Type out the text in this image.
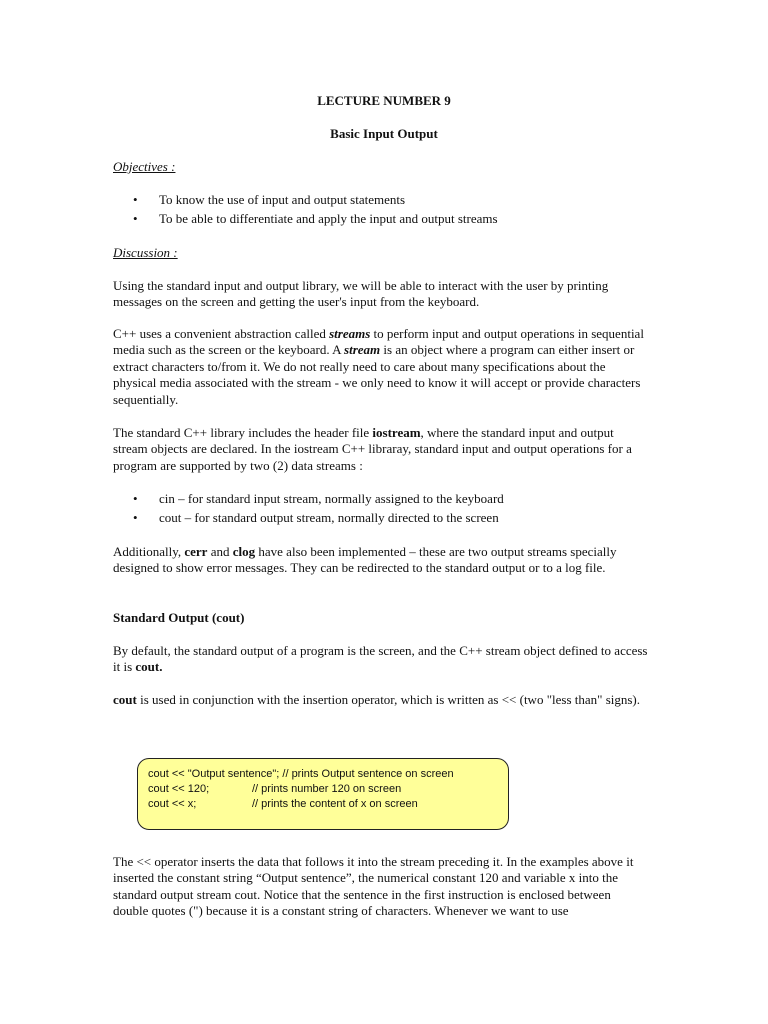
LECTURE NUMBER 9
Basic Input Output
Objectives :
• To know the use of input and output statements
• To be able to differentiate and apply the input and output streams
Discussion :

Using the standard input and output library, we will be able to interact with the user by printing messages on the screen and getting the user's input from the keyboard.

C++ uses a convenient abstraction called streams to perform input and output operations in sequential media such as the screen or the keyboard. A stream is an object where a program can either insert or extract characters to/from it. We do not really need to care about many specifications about the physical media associated with the stream - we only need to know it will accept or provide characters sequentially.

The standard C++ library includes the header file iostream, where the standard input and output stream objects are declared. In the iostream C++ libraray, standard input and output operations for a program are supported by two (2) data streams :

• cin – for standard input stream, normally assigned to the keyboard
• cout – for standard output stream, normally directed to the screen

Additionally, cerr and clog have also been implemented – these are two output streams specially designed to show error messages. They can be redirected to the standard output or to a log file.

Standard Output (cout)

By default, the standard output of a program is the screen, and the C++ stream object defined to access it is cout.

cout is used in conjunction with the insertion operator, which is written as << (two "less than" signs).

cout << "Output sentence"; // prints Output sentence on screen
cout << 120;	// prints number 120 on screen
cout << x;	// prints the content of x on screen

The << operator inserts the data that follows it into the stream preceding it. In the examples above it inserted the constant string “Output sentence”, the numerical constant 120 and variable x into the standard output stream cout. Notice that the sentence in the first instruction is enclosed between double quotes (") because it is a constant string of characters. Whenever we want to use
